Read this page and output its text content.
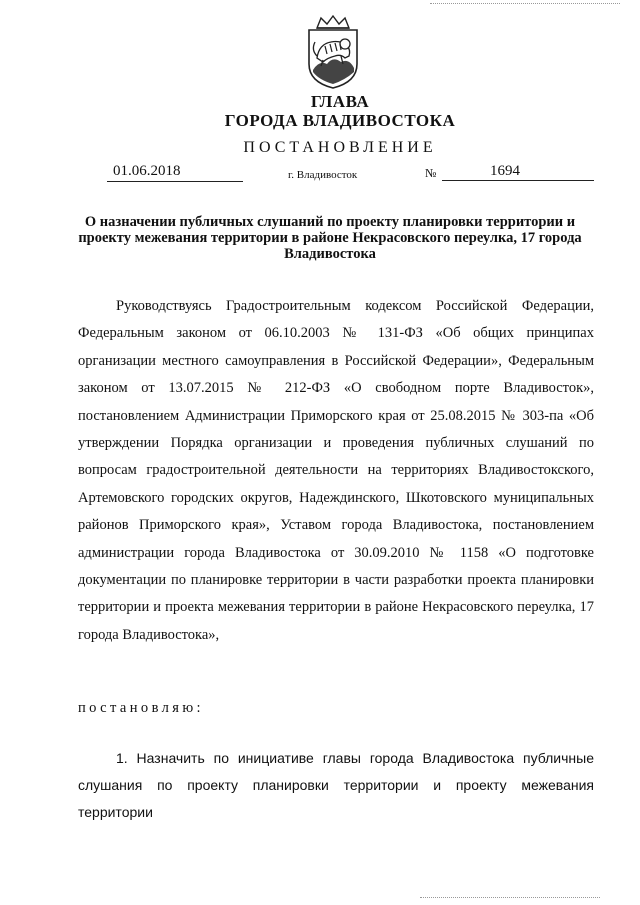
ГЛАВА
ГОРОДА ВЛАДИВОСТОКА
ПОСТАНОВЛЕНИЕ
01.06.2018	г. Владивосток	№	1694
О назначении публичных слушаний по проекту планировки территории и проекту межевания территории в районе Некрасовского переулка, 17 города Владивостока
Руководствуясь Градостроительным кодексом Российской Федерации, Федеральным законом от 06.10.2003 № 131-ФЗ «Об общих принципах организации местного самоуправления в Российской Федерации», Федеральным законом от 13.07.2015 № 212-ФЗ «О свободном порте Владивосток», постановлением Администрации Приморского края от 25.08.2015 № 303-па «Об утверждении Порядка организации и проведения публичных слушаний по вопросам градостроительной деятельности на территориях Владивостокского, Артемовского городских округов, Надеждинского, Шкотовского муниципальных районов Приморского края», Уставом города Владивостока, постановлением администрации города Владивостока от 30.09.2010 № 1158 «О подготовке документации по планировке территории в части разработки проекта планировки территории и проекта межевания территории в районе Некрасовского переулка, 17 города Владивостока»,
постановляю:
1. Назначить по инициативе главы города Владивостока публичные слушания по проекту планировки территории и проекту межевания территории
